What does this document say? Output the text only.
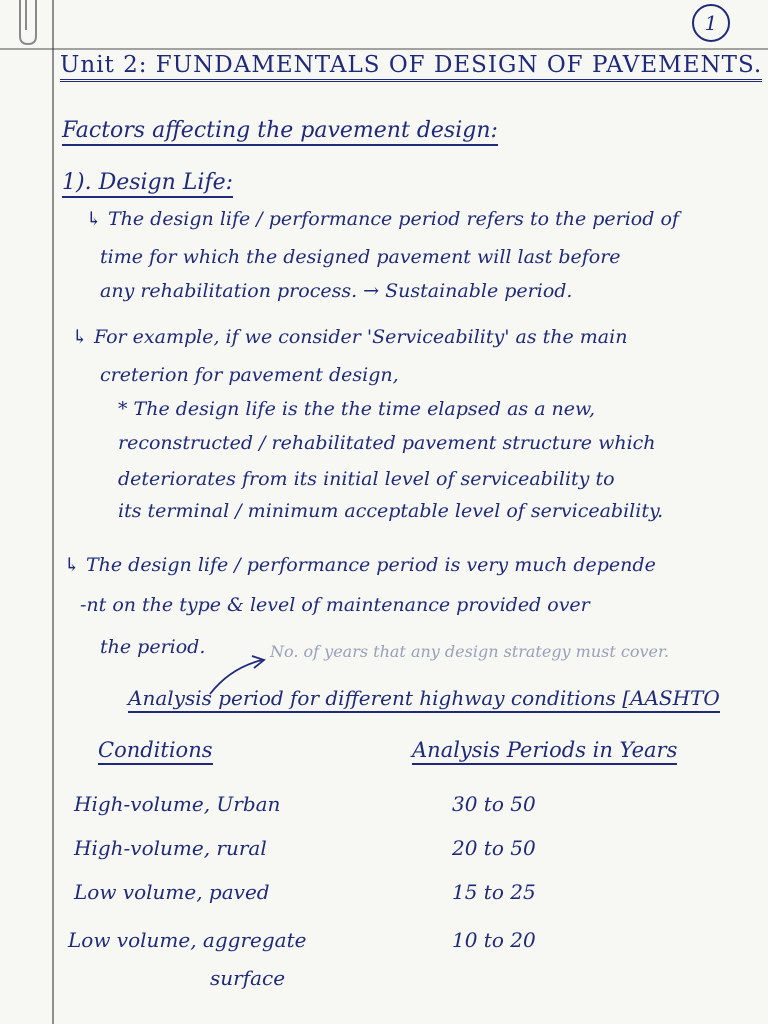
1
Unit 2: FUNDAMENTALS OF DESIGN OF PAVEMENTS.
Factors affecting the pavement design:
1). Design Life:
↳ The design life / performance period refers to the period of
time for which the designed pavement will last before
any rehabilitation process. → Sustainable period.
↳ For example, if we consider 'Serviceability' as the main
creterion for pavement design,
* The design life is the the time elapsed as a new,
reconstructed / rehabilitated pavement structure which
deteriorates from its initial level of serviceability to
its terminal / minimum acceptable level of serviceability.
↳ The design life / performance period is very much depende
-nt on the type & level of maintenance provided over
the period.	No. of years that any design strategy must cover.
Analysis period for different highway conditions [AASHTO
Conditions	Analysis Periods in Years
High-volume, Urban	30 to 50
High-volume, rural	20 to 50
Low volume, paved	15 to 25
Low volume, aggregate	10 to 20
surface
